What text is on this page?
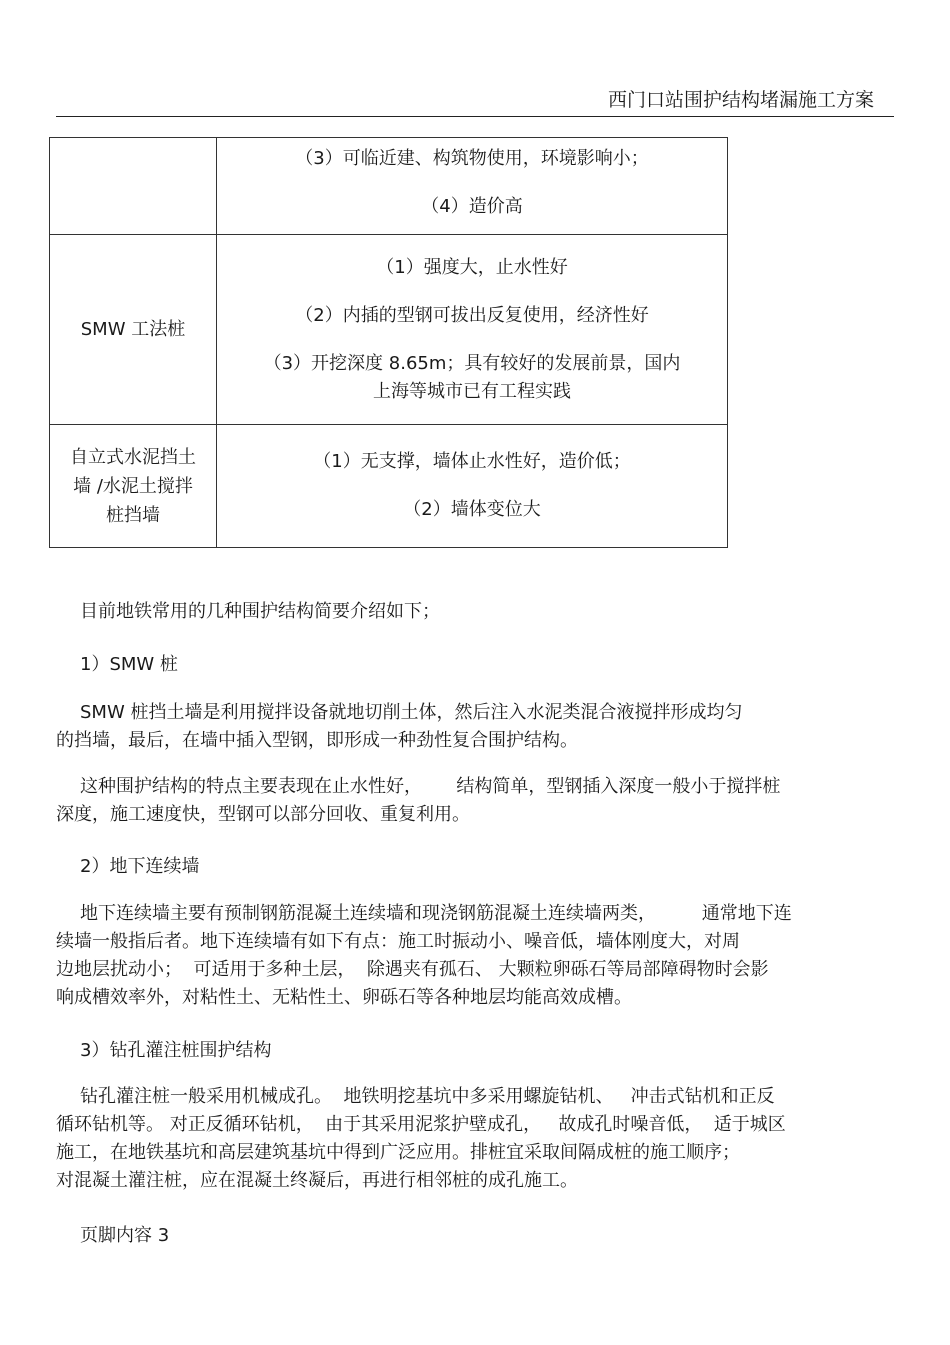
西门口站围护结构堵漏施工方案

	（3）可临近建、构筑物使用，环境影响小；

（4）造价高

SMW 工法桩	（1）强度大，止水性好

（2）内插的型钢可拔出反复使用，经济性好

（3）开挖深度 8.65m；具有较好的发展前景，国内上海等城市已有工程实践

自立式水泥挡土墙 /水泥土搅拌桩挡墙	（1）无支撑，墙体止水性好，造价低；

（2）墙体变位大

目前地铁常用的几种围护结构简要介绍如下；

1）SMW 桩

SMW 桩挡土墙是利用搅拌设备就地切削土体，然后注入水泥类混合液搅拌形成均匀

的挡墙，最后，在墙中插入型钢，即形成一种劲性复合围护结构。

这种围护结构的特点主要表现在止水性好，      结构简单，型钢插入深度一般小于搅拌桩

深度，施工速度快，型钢可以部分回收、重复利用。

2）地下连续墙

地下连续墙主要有预制钢筋混凝土连续墙和现浇钢筋混凝土连续墙两类，        通常地下连

续墙一般指后者。地下连续墙有如下有点：施工时振动小、噪音低，墙体刚度大，对周

边地层扰动小；  可适用于多种土层，  除遇夹有孤石、 大颗粒卵砾石等局部障碍物时会影

响成槽效率外，对粘性土、无粘性土、卵砾石等各种地层均能高效成槽。

3）钻孔灌注桩围护结构

钻孔灌注桩一般采用机械成孔。  地铁明挖基坑中多采用螺旋钻机、   冲击式钻机和正反

循环钻机等。 对正反循环钻机，  由于其采用泥浆护壁成孔，   故成孔时噪音低，  适于城区

施工，在地铁基坑和高层建筑基坑中得到广泛应用。排桩宜采取间隔成桩的施工顺序；

对混凝土灌注桩，应在混凝土终凝后，再进行相邻桩的成孔施工。

页脚内容 3
